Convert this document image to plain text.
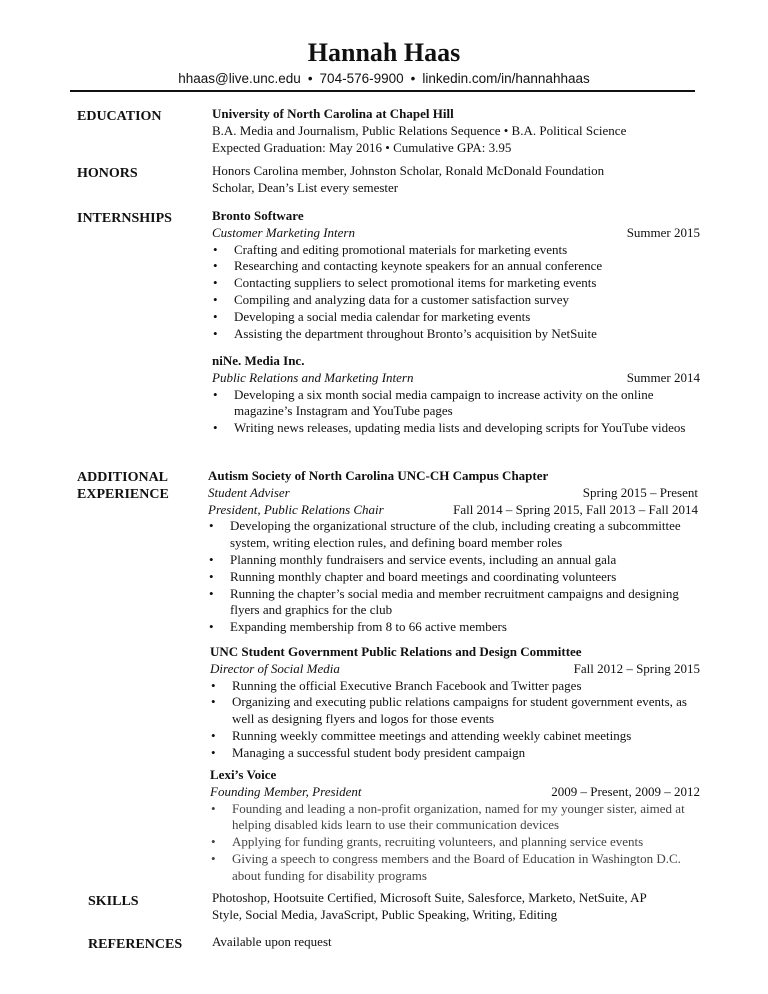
Hannah Haas
hhaas@live.unc.edu • 704-576-9900 • linkedin.com/in/hannahhaas
EDUCATION	University of North Carolina at Chapel Hill
B.A. Media and Journalism, Public Relations Sequence • B.A. Political Science
Expected Graduation: May 2016 • Cumulative GPA: 3.95
HONORS	Honors Carolina member, Johnston Scholar, Ronald McDonald Foundation
Scholar, Dean’s List every semester
INTERNSHIPS	Bronto Software
Customer Marketing Intern	Summer 2015
• Crafting and editing promotional materials for marketing events
• Researching and contacting keynote speakers for an annual conference
• Contacting suppliers to select promotional items for marketing events
• Compiling and analyzing data for a customer satisfaction survey
• Developing a social media calendar for marketing events
• Assisting the department throughout Bronto’s acquisition by NetSuite
niNe. Media Inc.
Public Relations and Marketing Intern	Summer 2014
• Developing a six month social media campaign to increase activity on the online magazine’s Instagram and YouTube pages
• Writing news releases, updating media lists and developing scripts for YouTube videos
ADDITIONAL
EXPERIENCE
Autism Society of North Carolina UNC-CH Campus Chapter
Student Adviser	Spring 2015 – Present
President, Public Relations Chair	Fall 2014 – Spring 2015, Fall 2013 – Fall 2014
• Developing the organizational structure of the club, including creating a subcommittee system, writing election rules, and defining board member roles
• Planning monthly fundraisers and service events, including an annual gala
• Running monthly chapter and board meetings and coordinating volunteers
• Running the chapter’s social media and member recruitment campaigns and designing flyers and graphics for the club
• Expanding membership from 8 to 66 active members
UNC Student Government Public Relations and Design Committee
Director of Social Media	Fall 2012 – Spring 2015
• Running the official Executive Branch Facebook and Twitter pages
• Organizing and executing public relations campaigns for student government events, as well as designing flyers and logos for those events
• Running weekly committee meetings and attending weekly cabinet meetings
• Managing a successful student body president campaign
Lexi’s Voice
Founding Member, President	2009 – Present, 2009 – 2012
• Founding and leading a non-profit organization, named for my younger sister, aimed at helping disabled kids learn to use their communication devices
• Applying for funding grants, recruiting volunteers, and planning service events
• Giving a speech to congress members and the Board of Education in Washington D.C. about funding for disability programs
SKILLS	Photoshop, Hootsuite Certified, Microsoft Suite, Salesforce, Marketo, NetSuite, AP
Style, Social Media, JavaScript, Public Speaking, Writing, Editing
REFERENCES Available upon request
